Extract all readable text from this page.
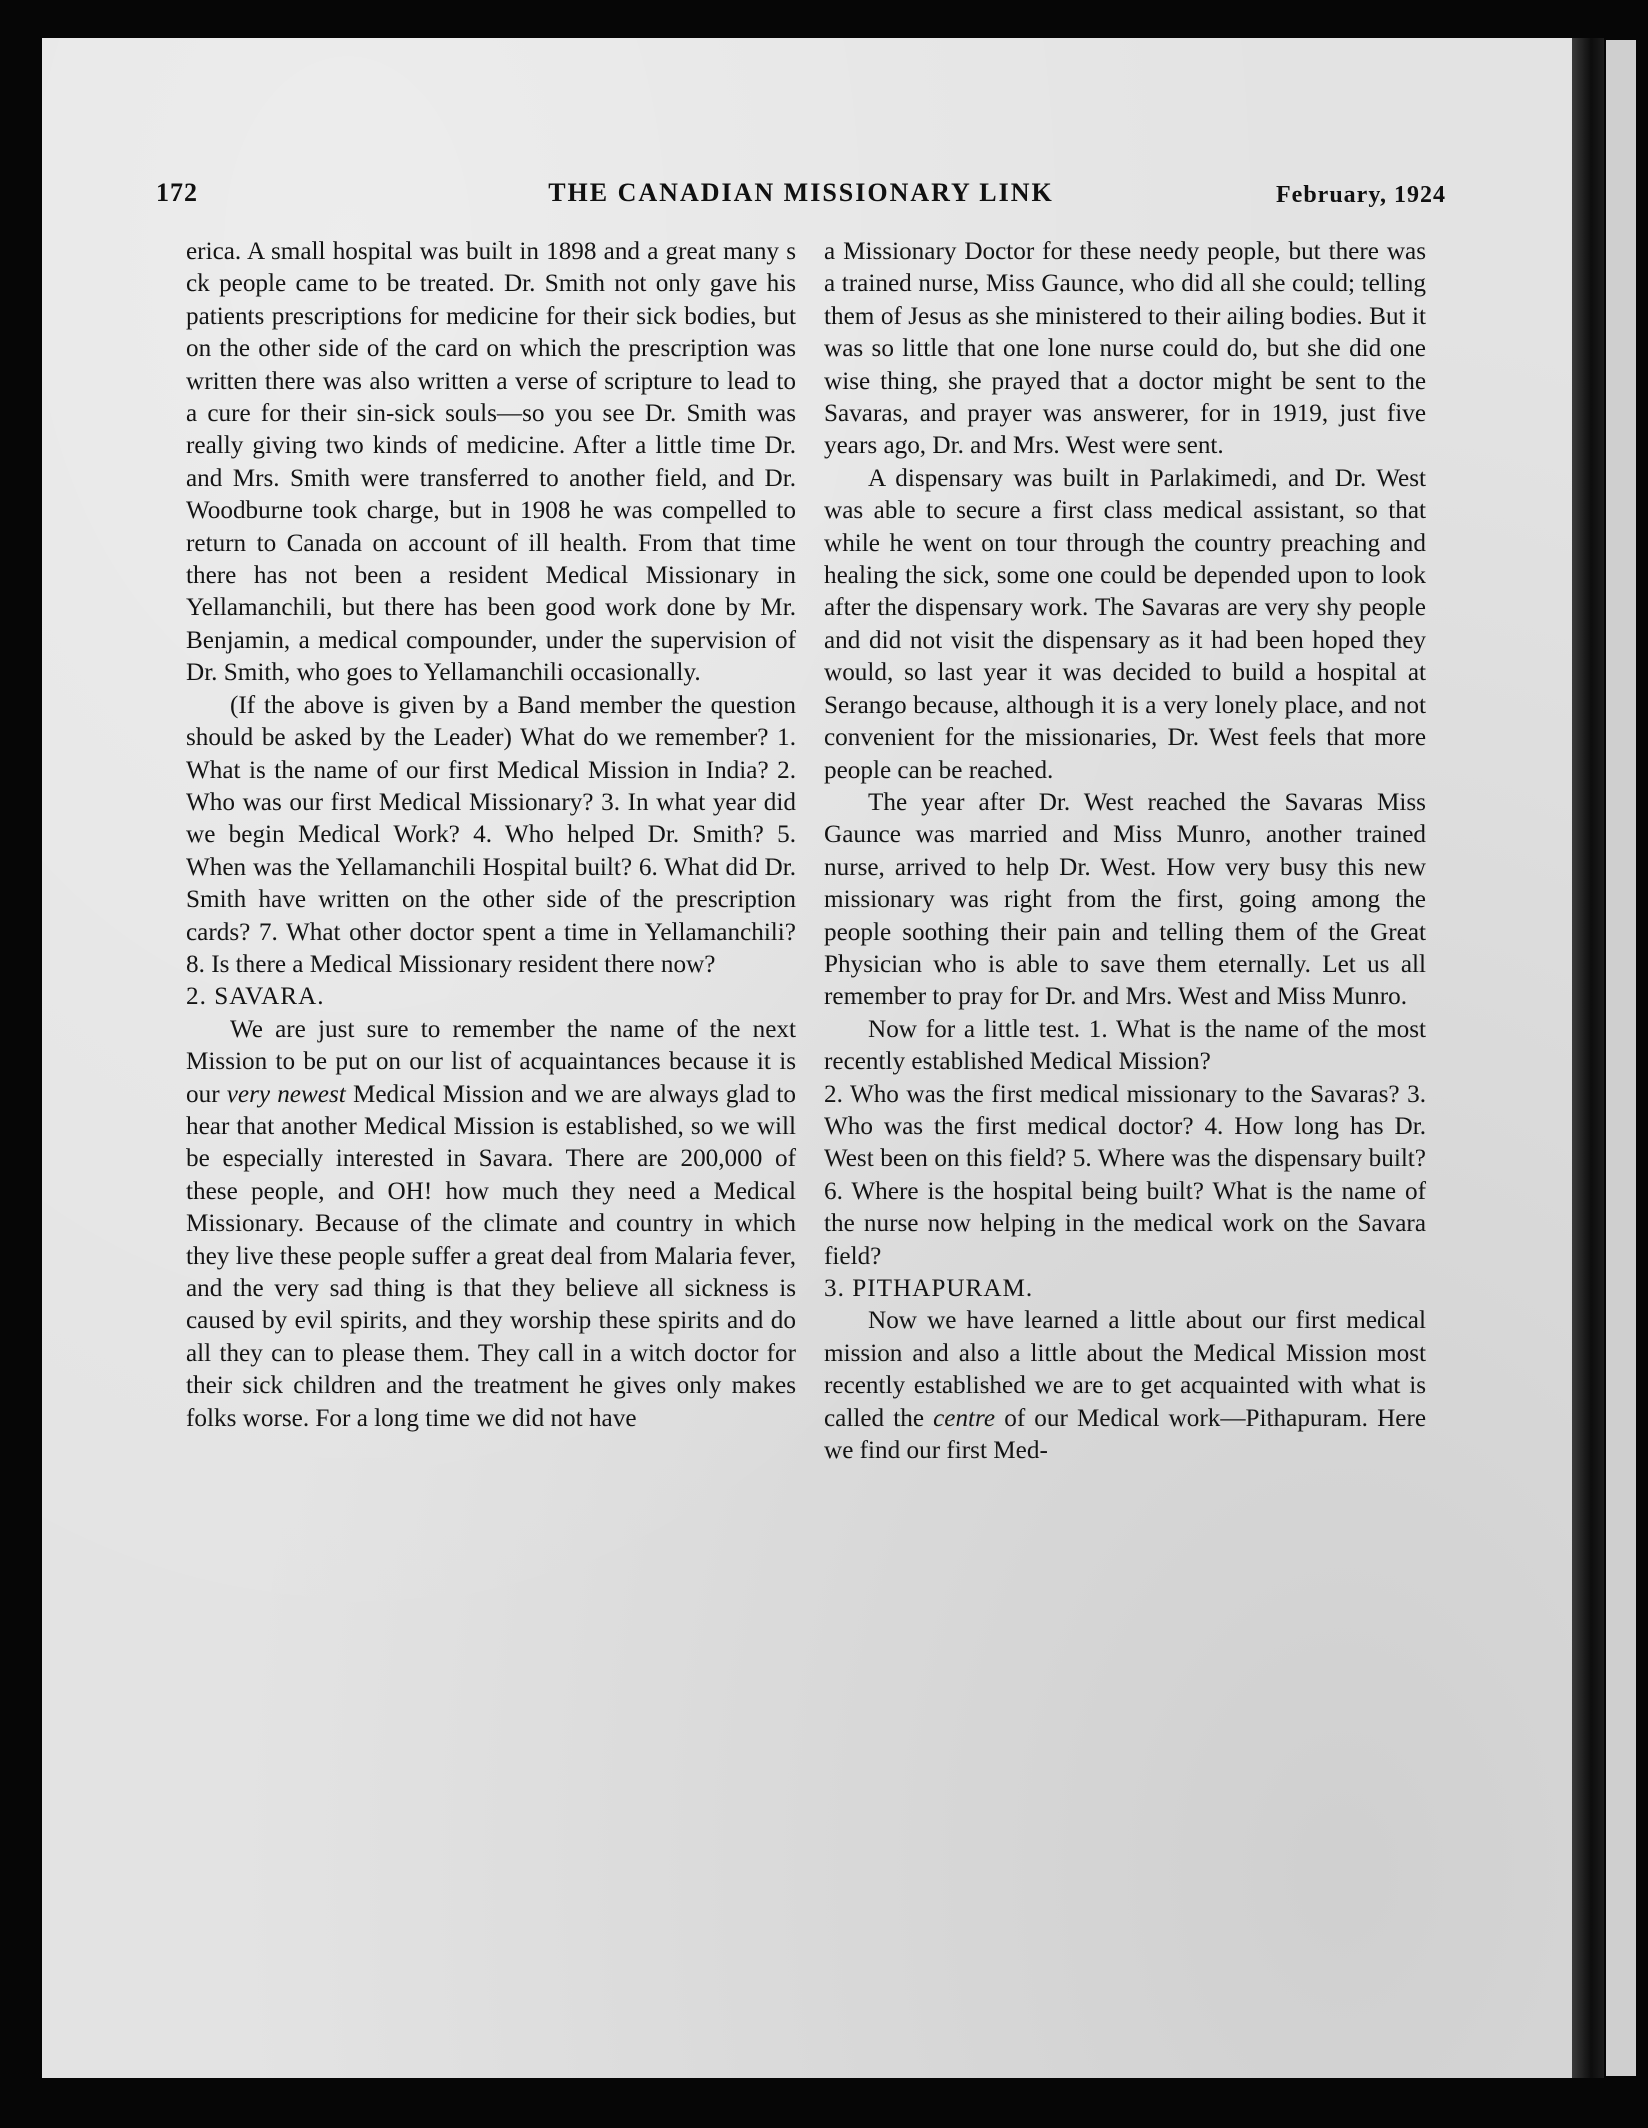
172	THE CANADIAN MISSIONARY LINK	February, 1924

erica. A small hospital was built in 1898 and a great many s ck people came to be treated. Dr. Smith not only gave his patients prescriptions for medicine for their sick bodies, but on the other side of the card on which the prescription was written there was also written a verse of scripture to lead to a cure for their sin-sick souls—so you see Dr. Smith was really giving two kinds of medicine. After a little time Dr. and Mrs. Smith were transferred to another field, and Dr. Woodburne took charge, but in 1908 he was compelled to return to Canada on account of ill health. From that time there has not been a resident Medical Missionary in Yellamanchili, but there has been good work done by Mr. Benjamin, a medical compounder, under the supervision of Dr. Smith, who goes to Yellamanchili occasionally.

(If the above is given by a Band member the question should be asked by the Leader) What do we remember? 1. What is the name of our first Medical Mission in India? 2. Who was our first Medical Missionary? 3. In what year did we begin Medical Work? 4. Who helped Dr. Smith? 5. When was the Yellamanchili Hospital built? 6. What did Dr. Smith have written on the other side of the prescription cards? 7. What other doctor spent a time in Yellamanchili? 8. Is there a Medical Missionary resident there now?

2. SAVARA.

We are just sure to remember the name of the next Mission to be put on our list of acquaintances because it is our very newest Medical Mission and we are always glad to hear that another Medical Mission is established, so we will be especially interested in Savara. There are 200,000 of these people, and OH! how much they need a Medical Missionary. Because of the climate and country in which they live these people suffer a great deal from Malaria fever, and the very sad thing is that they believe all sickness is caused by evil spirits, and they worship these spirits and do all they can to please them. They call in a witch doctor for their sick children and the treatment he gives only makes folks worse. For a long time we did not have

a Missionary Doctor for these needy people, but there was a trained nurse, Miss Gaunce, who did all she could; telling them of Jesus as she ministered to their ailing bodies. But it was so little that one lone nurse could do, but she did one wise thing, she prayed that a doctor might be sent to the Savaras, and prayer was answerer, for in 1919, just five years ago, Dr. and Mrs. West were sent.

A dispensary was built in Parlakimedi, and Dr. West was able to secure a first class medical assistant, so that while he went on tour through the country preaching and healing the sick, some one could be depended upon to look after the dispensary work. The Savaras are very shy people and did not visit the dispensary as it had been hoped they would, so last year it was decided to build a hospital at Serango because, although it is a very lonely place, and not convenient for the missionaries, Dr. West feels that more people can be reached.

The year after Dr. West reached the Savaras Miss Gaunce was married and Miss Munro, another trained nurse, arrived to help Dr. West. How very busy this new missionary was right from the first, going among the people soothing their pain and telling them of the Great Physician who is able to save them eternally. Let us all remember to pray for Dr. and Mrs. West and Miss Munro.

Now for a little test. 1. What is the name of the most recently established Medical Mission?

2. Who was the first medical missionary to the Savaras? 3. Who was the first medical doctor? 4. How long has Dr. West been on this field? 5. Where was the dispensary built? 6. Where is the hospital being built? What is the name of the nurse now helping in the medical work on the Savara field?

3. PITHAPURAM.

Now we have learned a little about our first medical mission and also a little about the Medical Mission most recently established we are to get acquainted with what is called the centre of our Medical work—Pithapuram. Here we find our first Med-
